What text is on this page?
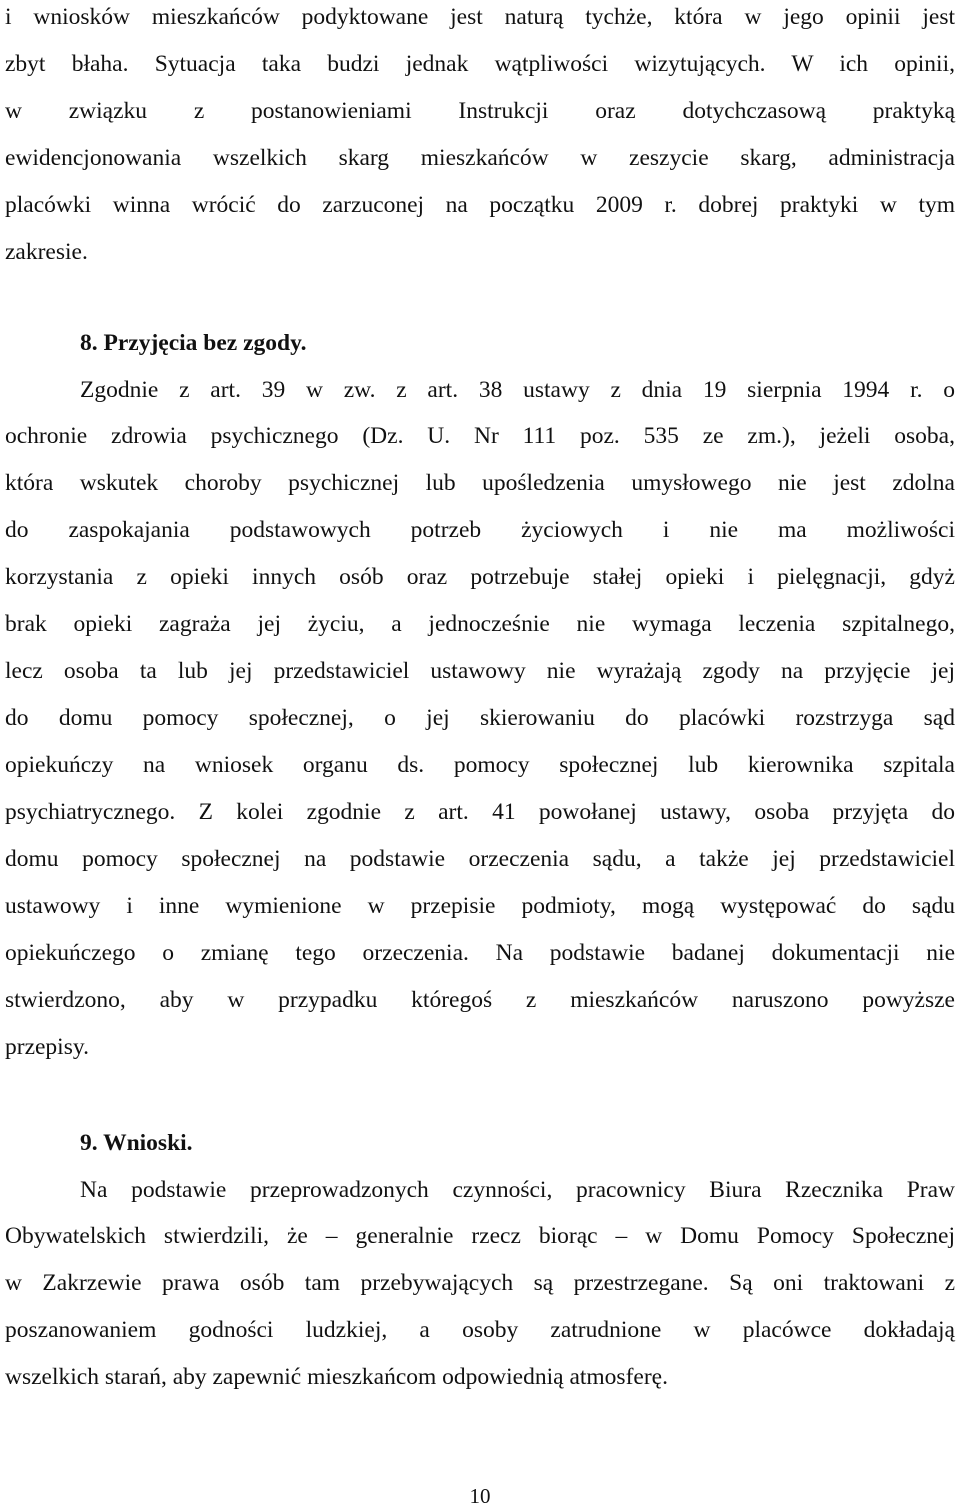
i wniosków mieszkańców podyktowane jest naturą tychże, która w jego opinii jest
zbyt błaha. Sytuacja taka budzi jednak wątpliwości wizytujących. W ich opinii,
w związku z postanowieniami Instrukcji oraz dotychczasową praktyką
ewidencjonowania wszelkich skarg mieszkańców w zeszycie skarg, administracja
placówki winna wrócić do zarzuconej na początku 2009 r. dobrej praktyki w tym
zakresie.
8. Przyjęcia bez zgody.
Zgodnie z art. 39 w zw. z art. 38 ustawy z dnia 19 sierpnia 1994 r. o
ochronie zdrowia psychicznego (Dz. U. Nr 111 poz. 535 ze zm.), jeżeli osoba,
która wskutek choroby psychicznej lub upośledzenia umysłowego nie jest zdolna
do zaspokajania podstawowych potrzeb życiowych i nie ma możliwości
korzystania z opieki innych osób oraz potrzebuje stałej opieki i pielęgnacji, gdyż
brak opieki zagraża jej życiu, a jednocześnie nie wymaga leczenia szpitalnego,
lecz osoba ta lub jej przedstawiciel ustawowy nie wyrażają zgody na przyjęcie jej
do domu pomocy społecznej, o jej skierowaniu do placówki rozstrzyga sąd
opiekuńczy na wniosek organu ds. pomocy społecznej lub kierownika szpitala
psychiatrycznego. Z kolei zgodnie z art. 41 powołanej ustawy, osoba przyjęta do
domu pomocy społecznej na podstawie orzeczenia sądu, a także jej przedstawiciel
ustawowy i inne wymienione w przepisie podmioty, mogą występować do sądu
opiekuńczego o zmianę tego orzeczenia. Na podstawie badanej dokumentacji nie
stwierdzono, aby w przypadku któregoś z mieszkańców naruszono powyższe
przepisy.
9. Wnioski.
Na podstawie przeprowadzonych czynności, pracownicy Biura Rzecznika Praw
Obywatelskich stwierdzili, że – generalnie rzecz biorąc – w Domu Pomocy Społecznej
w Zakrzewie prawa osób tam przebywających są przestrzegane. Są oni traktowani z
poszanowaniem godności ludzkiej, a osoby zatrudnione w placówce dokładają
wszelkich starań, aby zapewnić mieszkańcom odpowiednią atmosferę.
10
